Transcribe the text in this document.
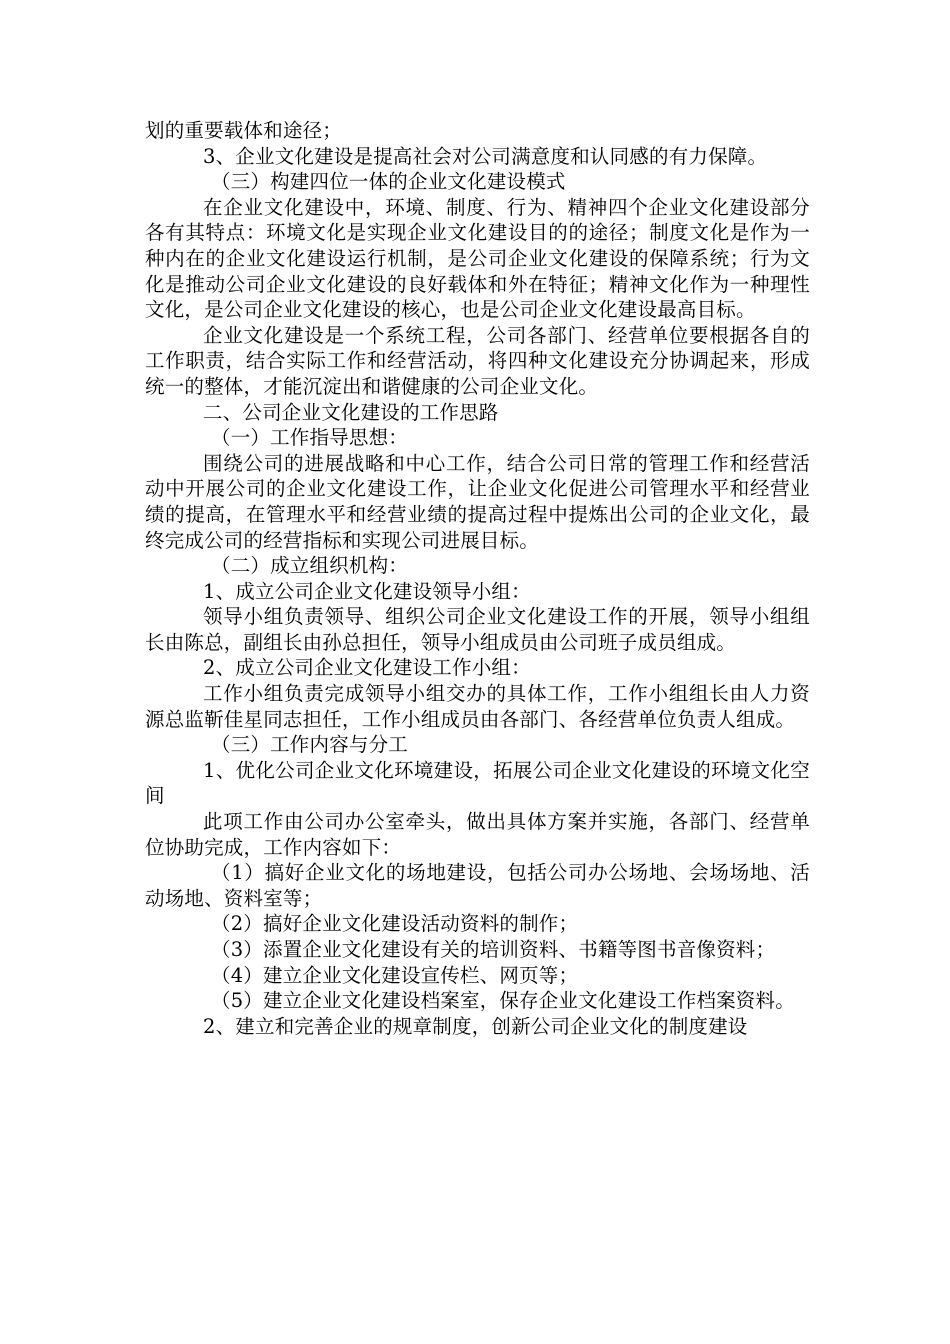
划的重要载体和途径；

3、企业文化建设是提高社会对公司满意度和认同感的有力保障。

（三）构建四位一体的企业文化建设模式

在企业文化建设中，环境、制度、行为、精神四个企业文化建设部分各有其特点：环境文化是实现企业文化建设目的的途径；制度文化是作为一种内在的企业文化建设运行机制，是公司企业文化建设的保障系统；行为文化是推动公司企业文化建设的良好载体和外在特征；精神文化作为一种理性文化，是公司企业文化建设的核心，也是公司企业文化建设最高目标。

企业文化建设是一个系统工程，公司各部门、经营单位要根据各自的工作职责，结合实际工作和经营活动，将四种文化建设充分协调起来，形成统一的整体，才能沉淀出和谐健康的公司企业文化。

二、公司企业文化建设的工作思路

（一）工作指导思想：

围绕公司的进展战略和中心工作，结合公司日常的管理工作和经营活动中开展公司的企业文化建设工作，让企业文化促进公司管理水平和经营业绩的提高，在管理水平和经营业绩的提高过程中提炼出公司的企业文化，最终完成公司的经营指标和实现公司进展目标。

（二）成立组织机构：

1、成立公司企业文化建设领导小组：

领导小组负责领导、组织公司企业文化建设工作的开展，领导小组组长由陈总，副组长由孙总担任，领导小组成员由公司班子成员组成。

2、成立公司企业文化建设工作小组：

工作小组负责完成领导小组交办的具体工作，工作小组组长由人力资源总监靳佳星同志担任，工作小组成员由各部门、各经营单位负责人组成。

（三）工作内容与分工

1、优化公司企业文化环境建设，拓展公司企业文化建设的环境文化空间

此项工作由公司办公室牵头，做出具体方案并实施，各部门、经营单位协助完成，工作内容如下：

（1）搞好企业文化的场地建设，包括公司办公场地、会场场地、活动场地、资料室等；

（2）搞好企业文化建设活动资料的制作；

（3）添置企业文化建设有关的培训资料、书籍等图书音像资料；

（4）建立企业文化建设宣传栏、网页等；

（5）建立企业文化建设档案室，保存企业文化建设工作档案资料。

2、建立和完善企业的规章制度，创新公司企业文化的制度建设
